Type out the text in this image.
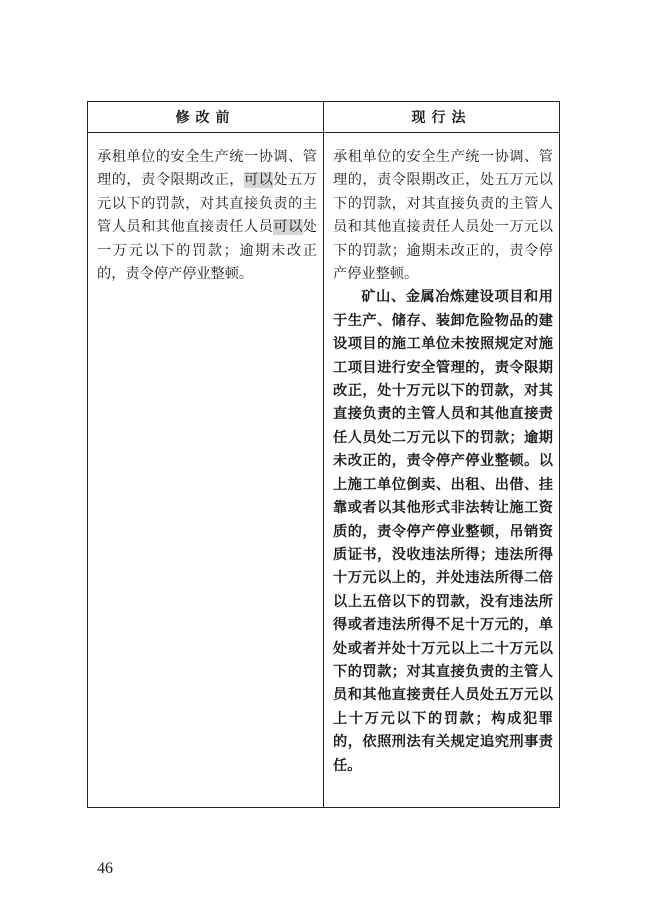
修改前	现行法

承租单位的安全生产统一协调、管理的，责令限期改正，可以处五万元以下的罚款，对其直接负责的主管人员和其他直接责任人员可以处一万元以下的罚款；逾期未改正的，责令停产停业整顿。

承租单位的安全生产统一协调、管理的，责令限期改正，处五万元以下的罚款，对其直接负责的主管人员和其他直接责任人员处一万元以下的罚款；逾期未改正的，责令停产停业整顿。

矿山、金属冶炼建设项目和用于生产、储存、装卸危险物品的建设项目的施工单位未按照规定对施工项目进行安全管理的，责令限期改正，处十万元以下的罚款，对其直接负责的主管人员和其他直接责任人员处二万元以下的罚款；逾期未改正的，责令停产停业整顿。以上施工单位倒卖、出租、出借、挂靠或者以其他形式非法转让施工资质的，责令停产停业整顿，吊销资质证书，没收违法所得；违法所得十万元以上的，并处违法所得二倍以上五倍以下的罚款，没有违法所得或者违法所得不足十万元的，单处或者并处十万元以上二十万元以下的罚款；对其直接负责的主管人员和其他直接责任人员处五万元以上十万元以下的罚款；构成犯罪的，依照刑法有关规定追究刑事责任。

46
